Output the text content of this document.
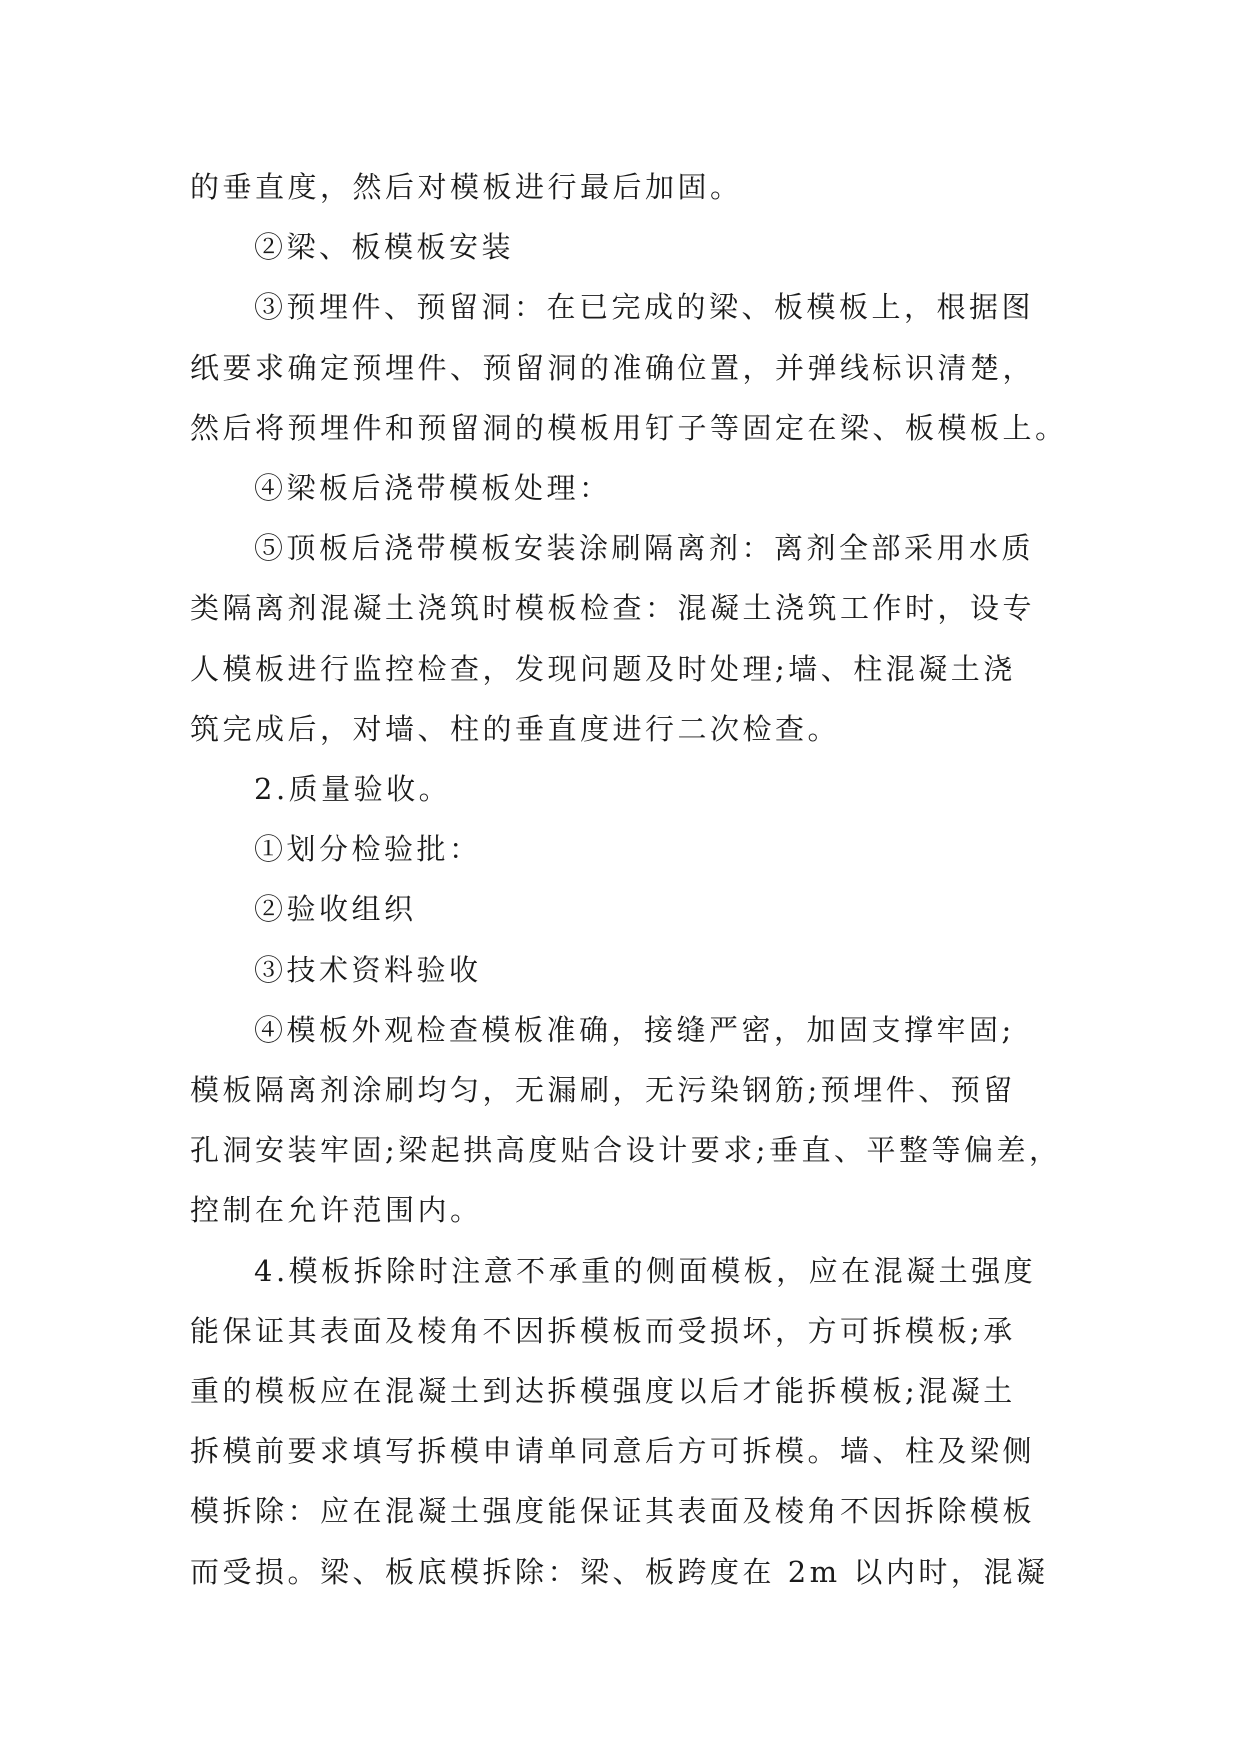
的垂直度，然后对模板进行最后加固。
②梁、板模板安装
③预埋件、预留洞：在已完成的梁、板模板上，根据图
纸要求确定预埋件、预留洞的准确位置，并弹线标识清楚，
然后将预埋件和预留洞的模板用钉子等固定在梁、板模板上。
④梁板后浇带模板处理：
⑤顶板后浇带模板安装涂刷隔离剂：离剂全部采用水质
类隔离剂混凝土浇筑时模板检查：混凝土浇筑工作时，设专
人模板进行监控检查，发现问题及时处理;墙、柱混凝土浇
筑完成后，对墙、柱的垂直度进行二次检查。
2.质量验收。
①划分检验批：
②验收组织
③技术资料验收
④模板外观检查模板准确，接缝严密，加固支撑牢固;
模板隔离剂涂刷均匀，无漏刷，无污染钢筋;预埋件、预留
孔洞安装牢固;梁起拱高度贴合设计要求;垂直、平整等偏差，
控制在允许范围内。
4.模板拆除时注意不承重的侧面模板，应在混凝土强度
能保证其表面及棱角不因拆模板而受损坏，方可拆模板;承
重的模板应在混凝土到达拆模强度以后才能拆模板;混凝土
拆模前要求填写拆模申请单同意后方可拆模。墙、柱及梁侧
模拆除：应在混凝土强度能保证其表面及棱角不因拆除模板
而受损。梁、板底模拆除：梁、板跨度在 2m 以内时，混凝
